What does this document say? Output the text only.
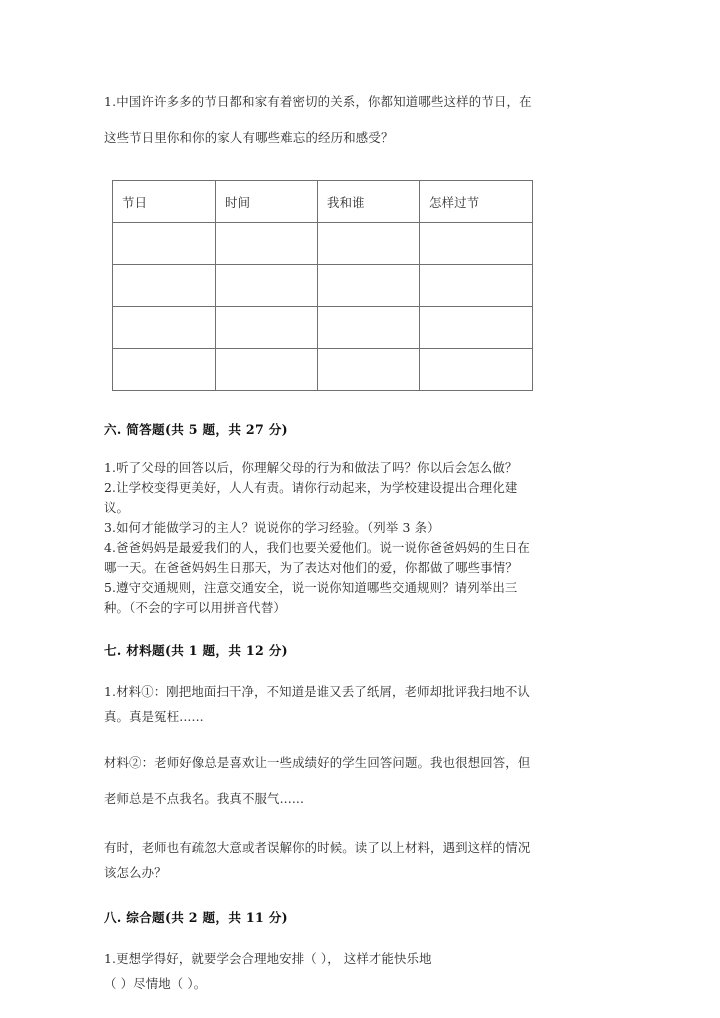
1.中国许许多多的节日都和家有着密切的关系，你都知道哪些这样的节日，在
这些节日里你和你的家人有哪些难忘的经历和感受？
节日	时间	我和谁	怎样过节

六. 简答题(共 5 题，共 27 分)
1.听了父母的回答以后，你理解父母的行为和做法了吗？你以后会怎么做？
2.让学校变得更美好，人人有责。请你行动起来，为学校建设提出合理化建
议。
3.如何才能做学习的主人？说说你的学习经验。（列举 3 条）
4.爸爸妈妈是最爱我们的人，我们也要关爱他们。说一说你爸爸妈妈的生日在
哪一天。在爸爸妈妈生日那天，为了表达对他们的爱，你都做了哪些事情？
5.遵守交通规则，注意交通安全，说一说你知道哪些交通规则？请列举出三
种。（不会的字可以用拼音代替）
七. 材料题(共 1 题，共 12 分)
1.材料①：刚把地面扫干净，不知道是谁又丢了纸屑，老师却批评我扫地不认
真。真是冤枉......
材料②：老师好像总是喜欢让一些成绩好的学生回答问题。我也很想回答，但
老师总是不点我名。我真不服气......
有时，老师也有疏忽大意或者误解你的时候。读了以上材料，遇到这样的情况
该怎么办？
八. 综合题(共 2 题，共 11 分)
1.更想学得好，就要学会合理地安排（ ）， 这样才能快乐地
（ ）尽情地（ ）。
